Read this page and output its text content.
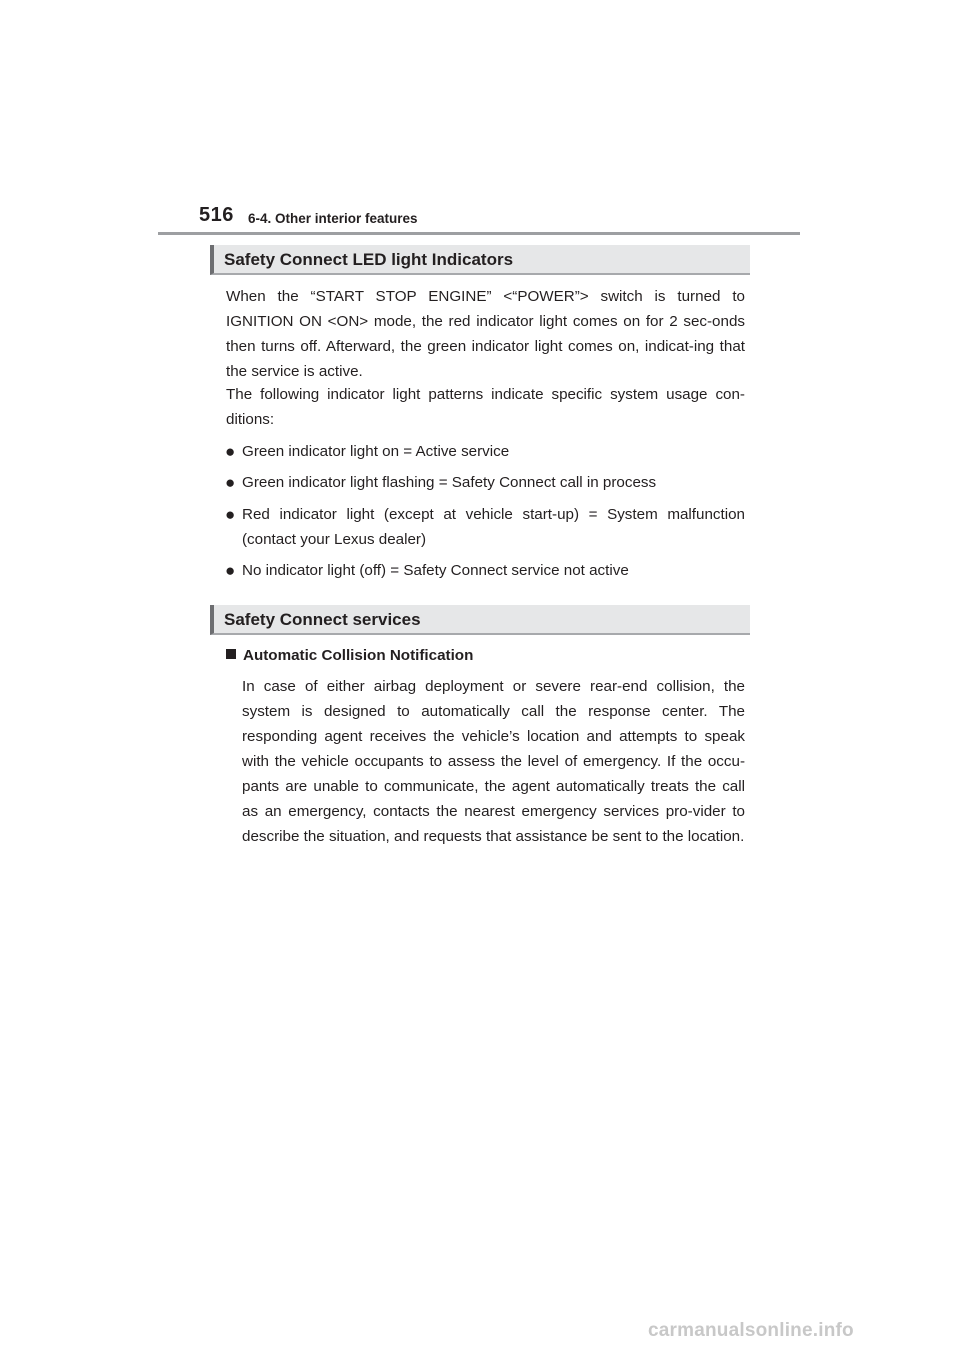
516 6-4. Other interior features
Safety Connect LED light Indicators
When the “START STOP ENGINE” <“POWER”> switch is turned to IGNITION ON <ON> mode, the red indicator light comes on for 2 sec-onds then turns off. Afterward, the green indicator light comes on, indicat-ing that the service is active.
The following indicator light patterns indicate specific system usage con-ditions:
● Green indicator light on = Active service
● Green indicator light flashing = Safety Connect call in process
● Red indicator light (except at vehicle start-up) = System malfunction (contact your Lexus dealer)
● No indicator light (off) = Safety Connect service not active
Safety Connect services
Automatic Collision Notification
In case of either airbag deployment or severe rear-end collision, the system is designed to automatically call the response center. The responding agent receives the vehicle’s location and attempts to speak with the vehicle occupants to assess the level of emergency. If the occu-pants are unable to communicate, the agent automatically treats the call as an emergency, contacts the nearest emergency services pro-vider to describe the situation, and requests that assistance be sent to the location.
carmanualsonline.info
